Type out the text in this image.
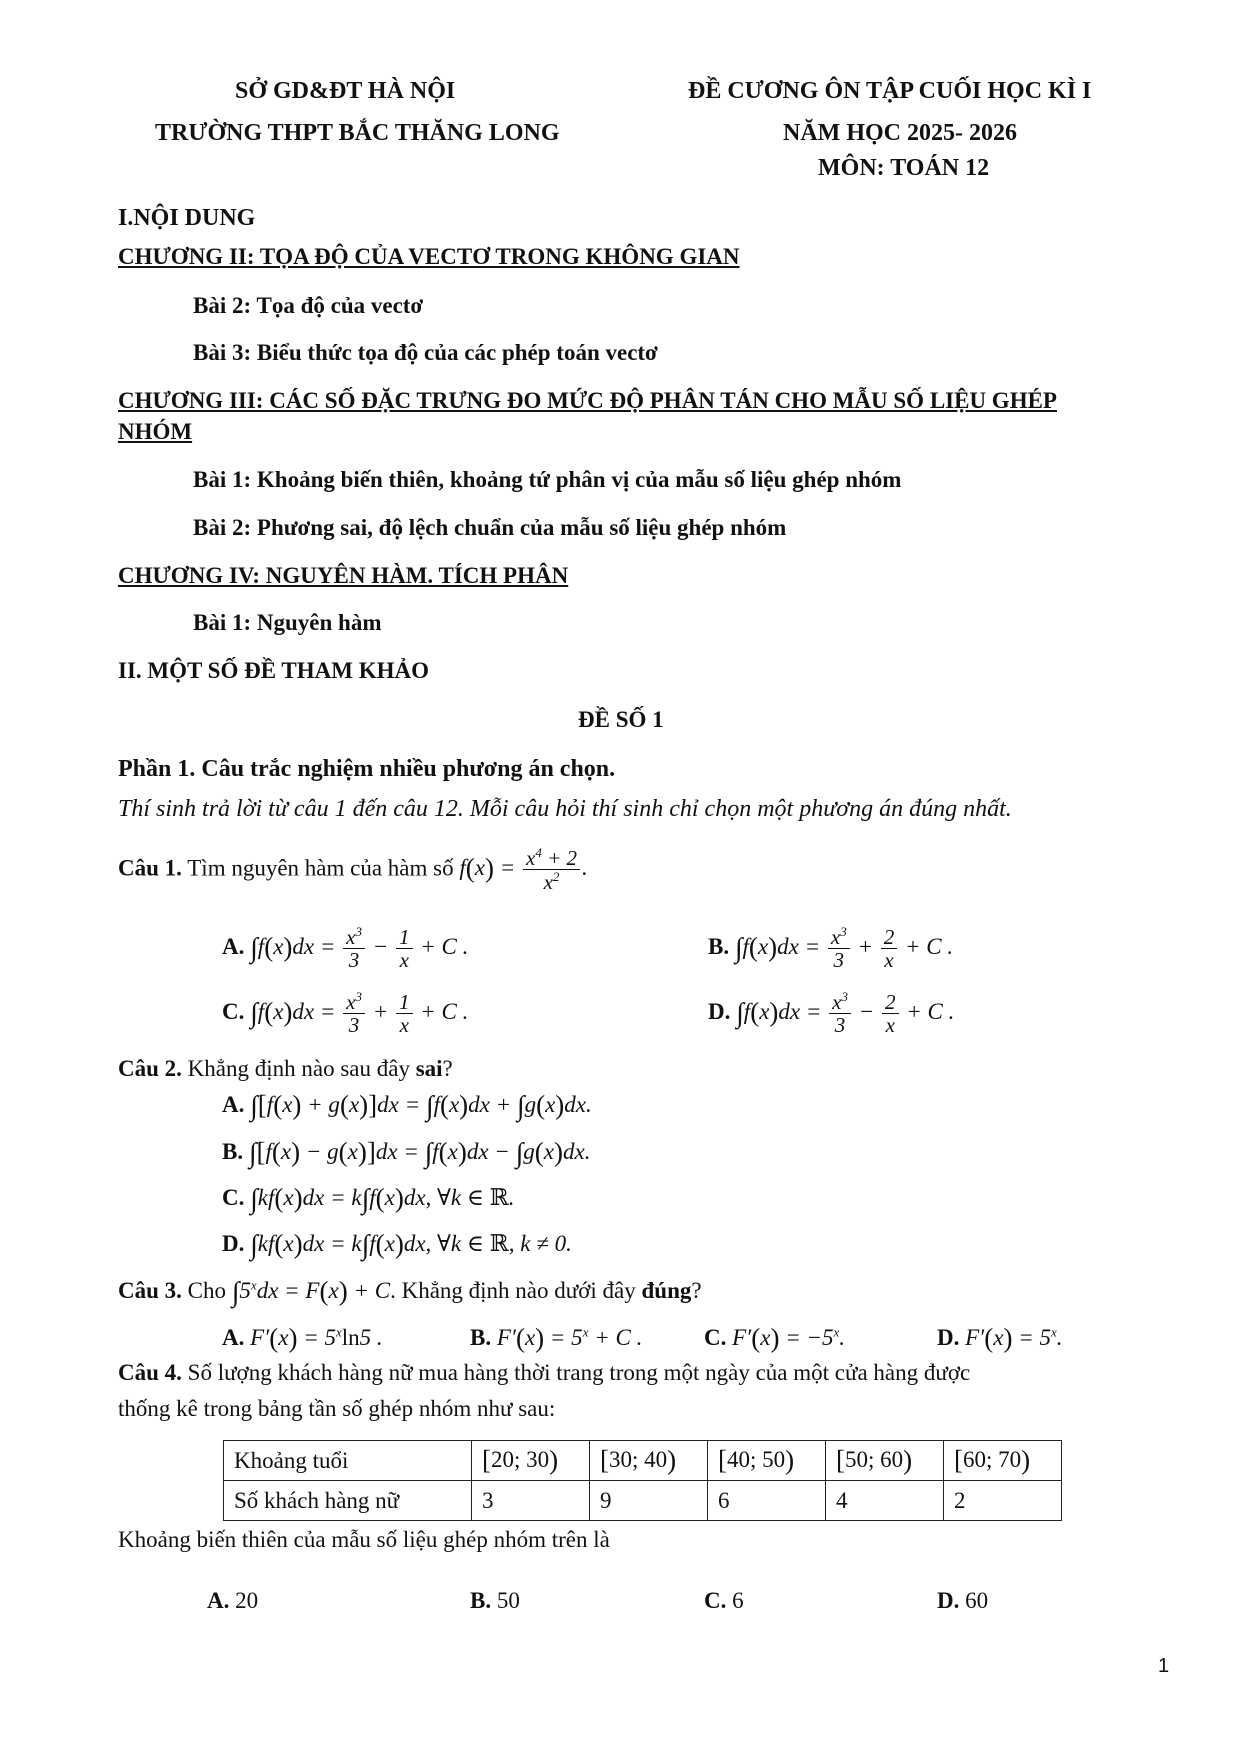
SỞ GD&ĐT HÀ NỘI
TRƯỜNG THPT BẮC THĂNG LONG
ĐỀ CƯƠNG ÔN TẬP CUỐI HỌC KÌ I
NĂM HỌC 2025- 2026
MÔN: TOÁN 12
I.NỘI DUNG
CHƯƠNG II: TỌA ĐỘ CỦA VECTƠ TRONG KHÔNG GIAN
Bài 2: Tọa độ của vectơ
Bài 3: Biểu thức tọa độ của các phép toán vectơ
CHƯƠNG III: CÁC SỐ ĐẶC TRƯNG ĐO MỨC ĐỘ PHÂN TÁN CHO MẪU SỐ LIỆU GHÉP
NHÓM
Bài 1: Khoảng biến thiên, khoảng tứ phân vị của mẫu số liệu ghép nhóm
Bài 2: Phương sai, độ lệch chuẩn của mẫu số liệu ghép nhóm
CHƯƠNG IV: NGUYÊN HÀM. TÍCH PHÂN
Bài 1: Nguyên hàm
II. MỘT SỐ ĐỀ THAM KHẢO
ĐỀ SỐ 1
Phần 1. Câu trắc nghiệm nhiều phương án chọn.
Thí sinh trả lời từ câu 1 đến câu 12. Mỗi câu hỏi thí sinh chỉ chọn một phương án đúng nhất.
Câu 1. Tìm nguyên hàm của hàm số $f(x) = \frac{x^4 + 2}{x^2}$ .
A. $\int f(x)dx = \frac{x^3}{3} - \frac{1}{x} + C$ .	B. $\int f(x)dx = \frac{x^3}{3} + \frac{2}{x} + C$ .
C. $\int f(x)dx = \frac{x^3}{3} + \frac{1}{x} + C$ .	D. $\int f(x)dx = \frac{x^3}{3} - \frac{2}{x} + C$ .
Câu 2. Khẳng định nào sau đây sai?
A. ∫[f(x) + g(x)]dx = ∫f(x)dx + ∫g(x)dx.
B. ∫[f(x) − g(x)]dx = ∫f(x)dx − ∫g(x)dx.
C. ∫kf(x)dx = k∫f(x)dx, ∀k ∈ ℝ.
D. ∫kf(x)dx = k∫f(x)dx, ∀k ∈ ℝ, k ≠ 0.
Câu 3. Cho $\int 5^xdx = F(x) + C$. Khẳng định nào dưới đây đúng?
A. $F'(x) = 5^x\ln 5$ .	B. $F'(x) = 5^x + C$ .	C. $F'(x) = -5^x$.	D. $F'(x) = 5^x$.
Câu 4. Số lượng khách hàng nữ mua hàng thời trang trong một ngày của một cửa hàng được
thống kê trong bảng tần số ghép nhóm như sau:
Khoảng tuổi	[20; 30)	[30; 40)	[40; 50)	[50; 60)	[60; 70)
Số khách hàng nữ	3	9	6	4	2
Khoảng biến thiên của mẫu số liệu ghép nhóm trên là
A. 20	B. 50	C. 6	D. 60
1
